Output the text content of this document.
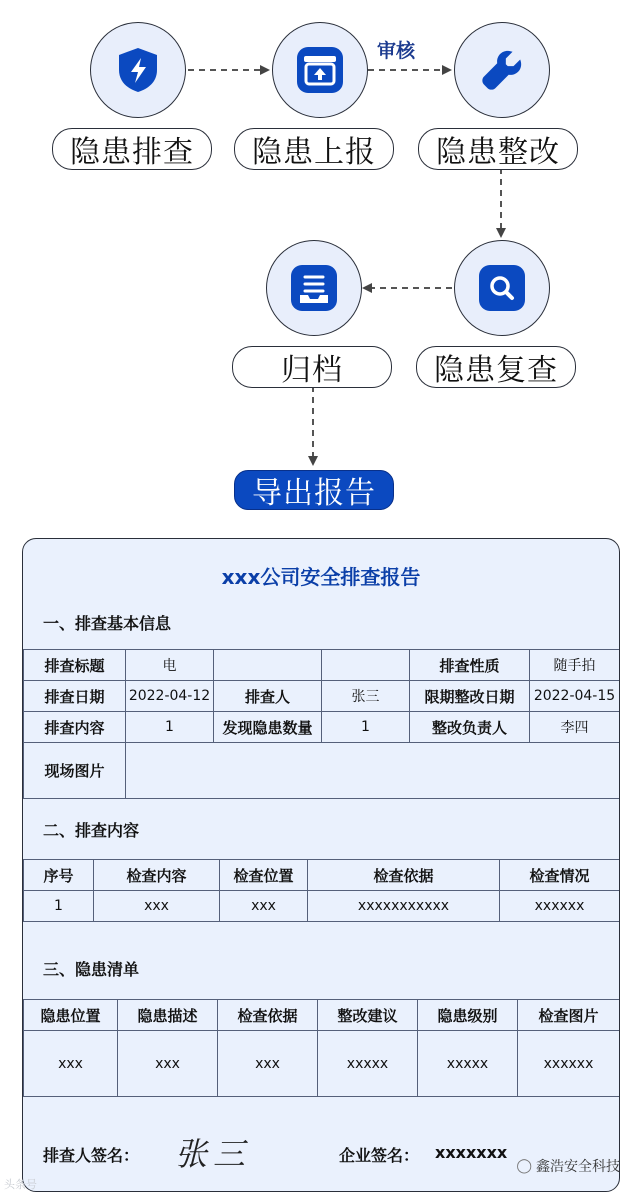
隐患排查	隐患上报
审核
隐患整改
隐患复查
归档
导出报告
xxx公司安全排查报告
一、排查基本信息
排查标题	电			排查性质	随手拍
排查日期	2022-04-12	排查人	张三	限期整改日期	2022-04-15
排查内容	1	发现隐患数量	1	整改负责人	李四
现场图片					
二、排查内容
序号	检查内容	检查位置	检查依据	检查情况
1	xxx	xxx	xxxxxxxxxxx	xxxxxx
三、隐患清单
隐患位置	隐患描述	检查依据	整改建议	隐患级别	检查图片
xxx	xxx	xxx	xxxxx	xxxxx	xxxxxx
排查人签名： 张三	企业签名： xxxxxxx
◯ 鑫浩安全科技
头条号
